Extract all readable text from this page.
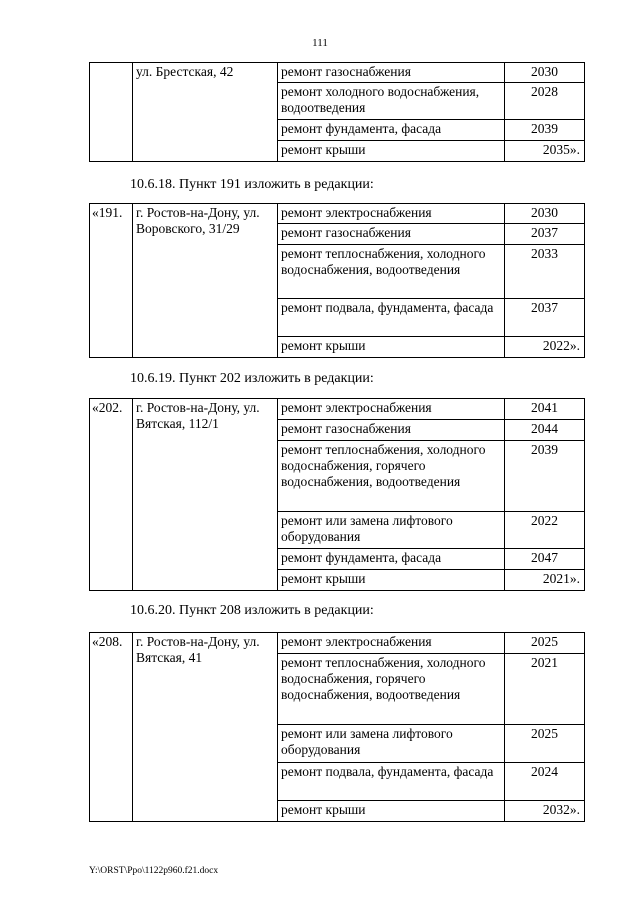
111
	ул. Брестская, 42	ремонт газоснабжения	2030
		ремонт холодного водоснабжения, водоотведения	2028
		ремонт фундамента, фасада	2039
		ремонт крыши	2035».
10.6.18. Пункт 191 изложить в редакции:
«191.	г. Ростов-на-Дону, ул. Воровского, 31/29	ремонт электроснабжения	2030
		ремонт газоснабжения	2037
		ремонт теплоснабжения, холодного водоснабжения, водоотведения	2033
		ремонт подвала, фундамента, фасада	2037
		ремонт крыши	2022».
10.6.19. Пункт 202 изложить в редакции:
«202.	г. Ростов-на-Дону, ул. Вятская, 112/1	ремонт электроснабжения	2041
		ремонт газоснабжения	2044
		ремонт теплоснабжения, холодного водоснабжения, горячего водоснабжения, водоотведения	2039
		ремонт или замена лифтового оборудования	2022
		ремонт фундамента, фасада	2047
		ремонт крыши	2021».
10.6.20. Пункт 208 изложить в редакции:
«208.	г. Ростов-на-Дону, ул. Вятская, 41	ремонт электроснабжения	2025
		ремонт теплоснабжения, холодного водоснабжения, горячего водоснабжения, водоотведения	2021
		ремонт или замена лифтового оборудования	2025
		ремонт подвала, фундамента, фасада	2024
		ремонт крыши	2032».
Y:\ORST\Ppo\1122p960.f21.docx
